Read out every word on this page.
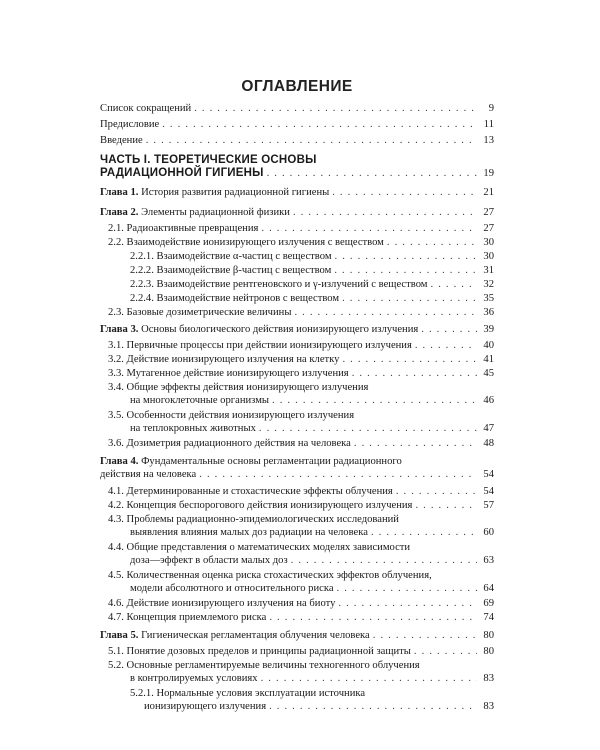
ОГЛАВЛЕНИЕ
Список сокращений . . .	9
Предисловие . . .	11
Введение . . .	13
ЧАСТЬ I. ТЕОРЕТИЧЕСКИЕ ОСНОВЫ
РАДИАЦИОННОЙ ГИГИЕНЫ . . .	19
Глава 1. История развития радиационной гигиены . . .	21
Глава 2. Элементы радиационной физики . . .	27
2.1. Радиоактивные превращения . . .	27
2.2. Взаимодействие ионизирующего излучения с веществом . . .	30
2.2.1. Взаимодействие α-частиц с веществом . . .	30
2.2.2. Взаимодействие β-частиц с веществом . . .	31
2.2.3. Взаимодействие рентгеновского и γ-излучений с веществом . . .	32
2.2.4. Взаимодействие нейтронов с веществом . . .	35
2.3. Базовые дозиметрические величины . . .	36
Глава 3. Основы биологического действия ионизирующего излучения . . .	39
3.1. Первичные процессы при действии ионизирующего излучения . . .	40
3.2. Действие ионизирующего излучения на клетку . . .	41
3.3. Мутагенное действие ионизирующего излучения . . .	45
3.4. Общие эффекты действия ионизирующего излучения
на многоклеточные организмы . . .	46
3.5. Особенности действия ионизирующего излучения
на теплокровных животных . . .	47
3.6. Дозиметрия радиационного действия на человека . . .	48
Глава 4. Фундаментальные основы регламентации радиационного
действия на человека . . .	54
4.1. Детерминированные и стохастические эффекты облучения . . .	54
4.2. Концепция беспорогового действия ионизирующего излучения . . .	57
4.3. Проблемы радиационно-эпидемиологических исследований
выявления влияния малых доз радиации на человека . . .	60
4.4. Общие представления о математических моделях зависимости
доза—эффект в области малых доз . . .	63
4.5. Количественная оценка риска стохастических эффектов облучения,
модели абсолютного и относительного риска . . .	64
4.6. Действие ионизирующего излучения на биоту . . .	69
4.7. Концепция приемлемого риска . . .	74
Глава 5. Гигиеническая регламентация облучения человека . . .	80
5.1. Понятие дозовых пределов и принципы радиационной защиты . . .	80
5.2. Основные регламентируемые величины техногенного облучения
в контролируемых условиях . . .	83
5.2.1. Нормальные условия эксплуатации источника
ионизирующего излучения . . .	83
